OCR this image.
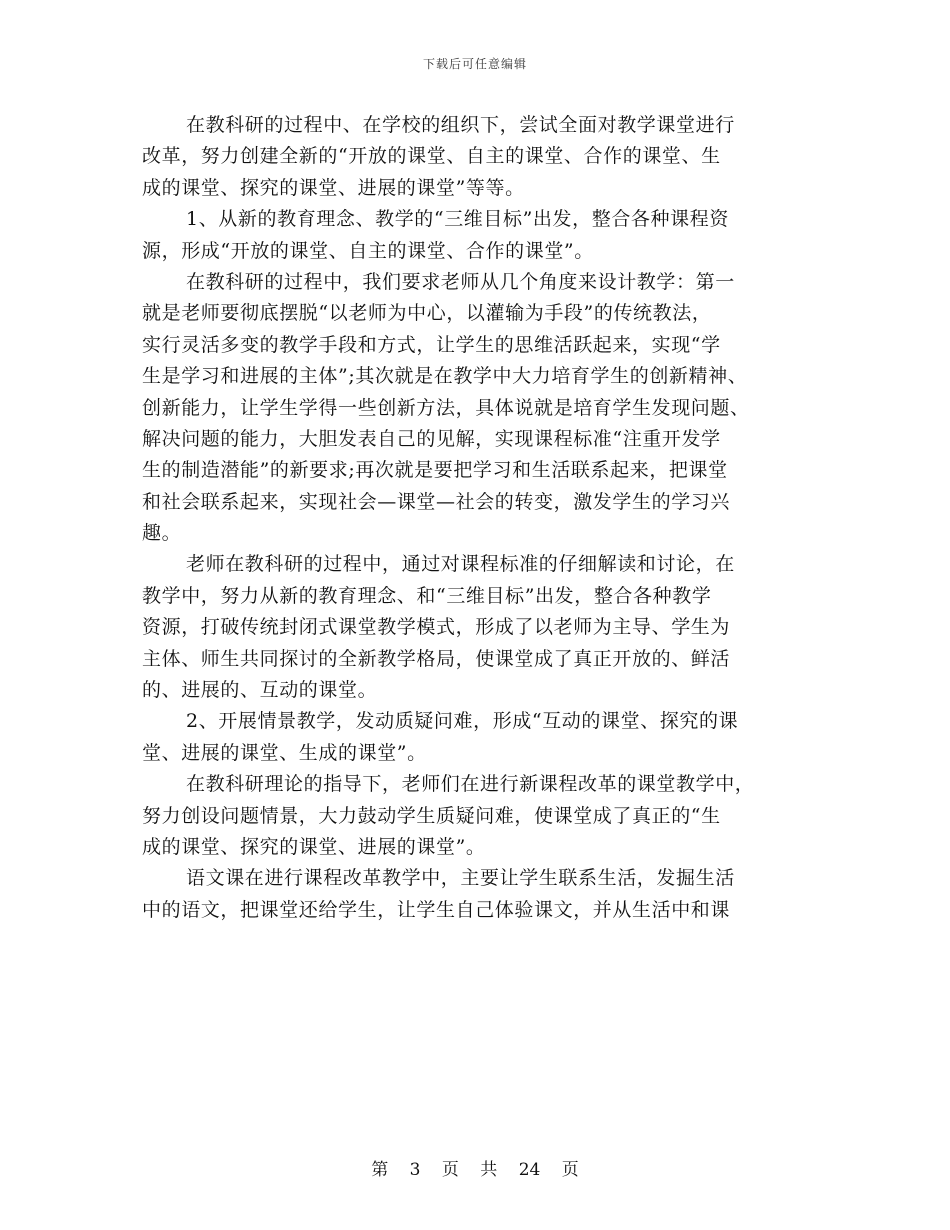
下载后可任意编辑
在教科研的过程中、在学校的组织下，尝试全面对教学课堂进行
改革，努力创建全新的“开放的课堂、自主的课堂、合作的课堂、生
成的课堂、探究的课堂、进展的课堂”等等。
1、从新的教育理念、教学的“三维目标”出发，整合各种课程资
源，形成“开放的课堂、自主的课堂、合作的课堂”。
在教科研的过程中，我们要求老师从几个角度来设计教学：第一
就是老师要彻底摆脱“以老师为中心，以灌输为手段”的传统教法，
实行灵活多变的教学手段和方式，让学生的思维活跃起来，实现“学
生是学习和进展的主体”;其次就是在教学中大力培育学生的创新精神、
创新能力，让学生学得一些创新方法，具体说就是培育学生发现问题、
解决问题的能力，大胆发表自己的见解，实现课程标准“注重开发学
生的制造潜能”的新要求;再次就是要把学习和生活联系起来，把课堂
和社会联系起来，实现社会—课堂—社会的转变，激发学生的学习兴
趣。
老师在教科研的过程中，通过对课程标准的仔细解读和讨论，在
教学中，努力从新的教育理念、和“三维目标”出发，整合各种教学
资源，打破传统封闭式课堂教学模式，形成了以老师为主导、学生为
主体、师生共同探讨的全新教学格局，使课堂成了真正开放的、鲜活
的、进展的、互动的课堂。
2、开展情景教学，发动质疑问难，形成“互动的课堂、探究的课
堂、进展的课堂、生成的课堂”。
在教科研理论的指导下，老师们在进行新课程改革的课堂教学中，
努力创设问题情景，大力鼓动学生质疑问难，使课堂成了真正的“生
成的课堂、探究的课堂、进展的课堂”。
语文课在进行课程改革教学中，主要让学生联系生活，发掘生活
中的语文，把课堂还给学生，让学生自己体验课文，并从生活中和课
第 3 页 共 24 页
